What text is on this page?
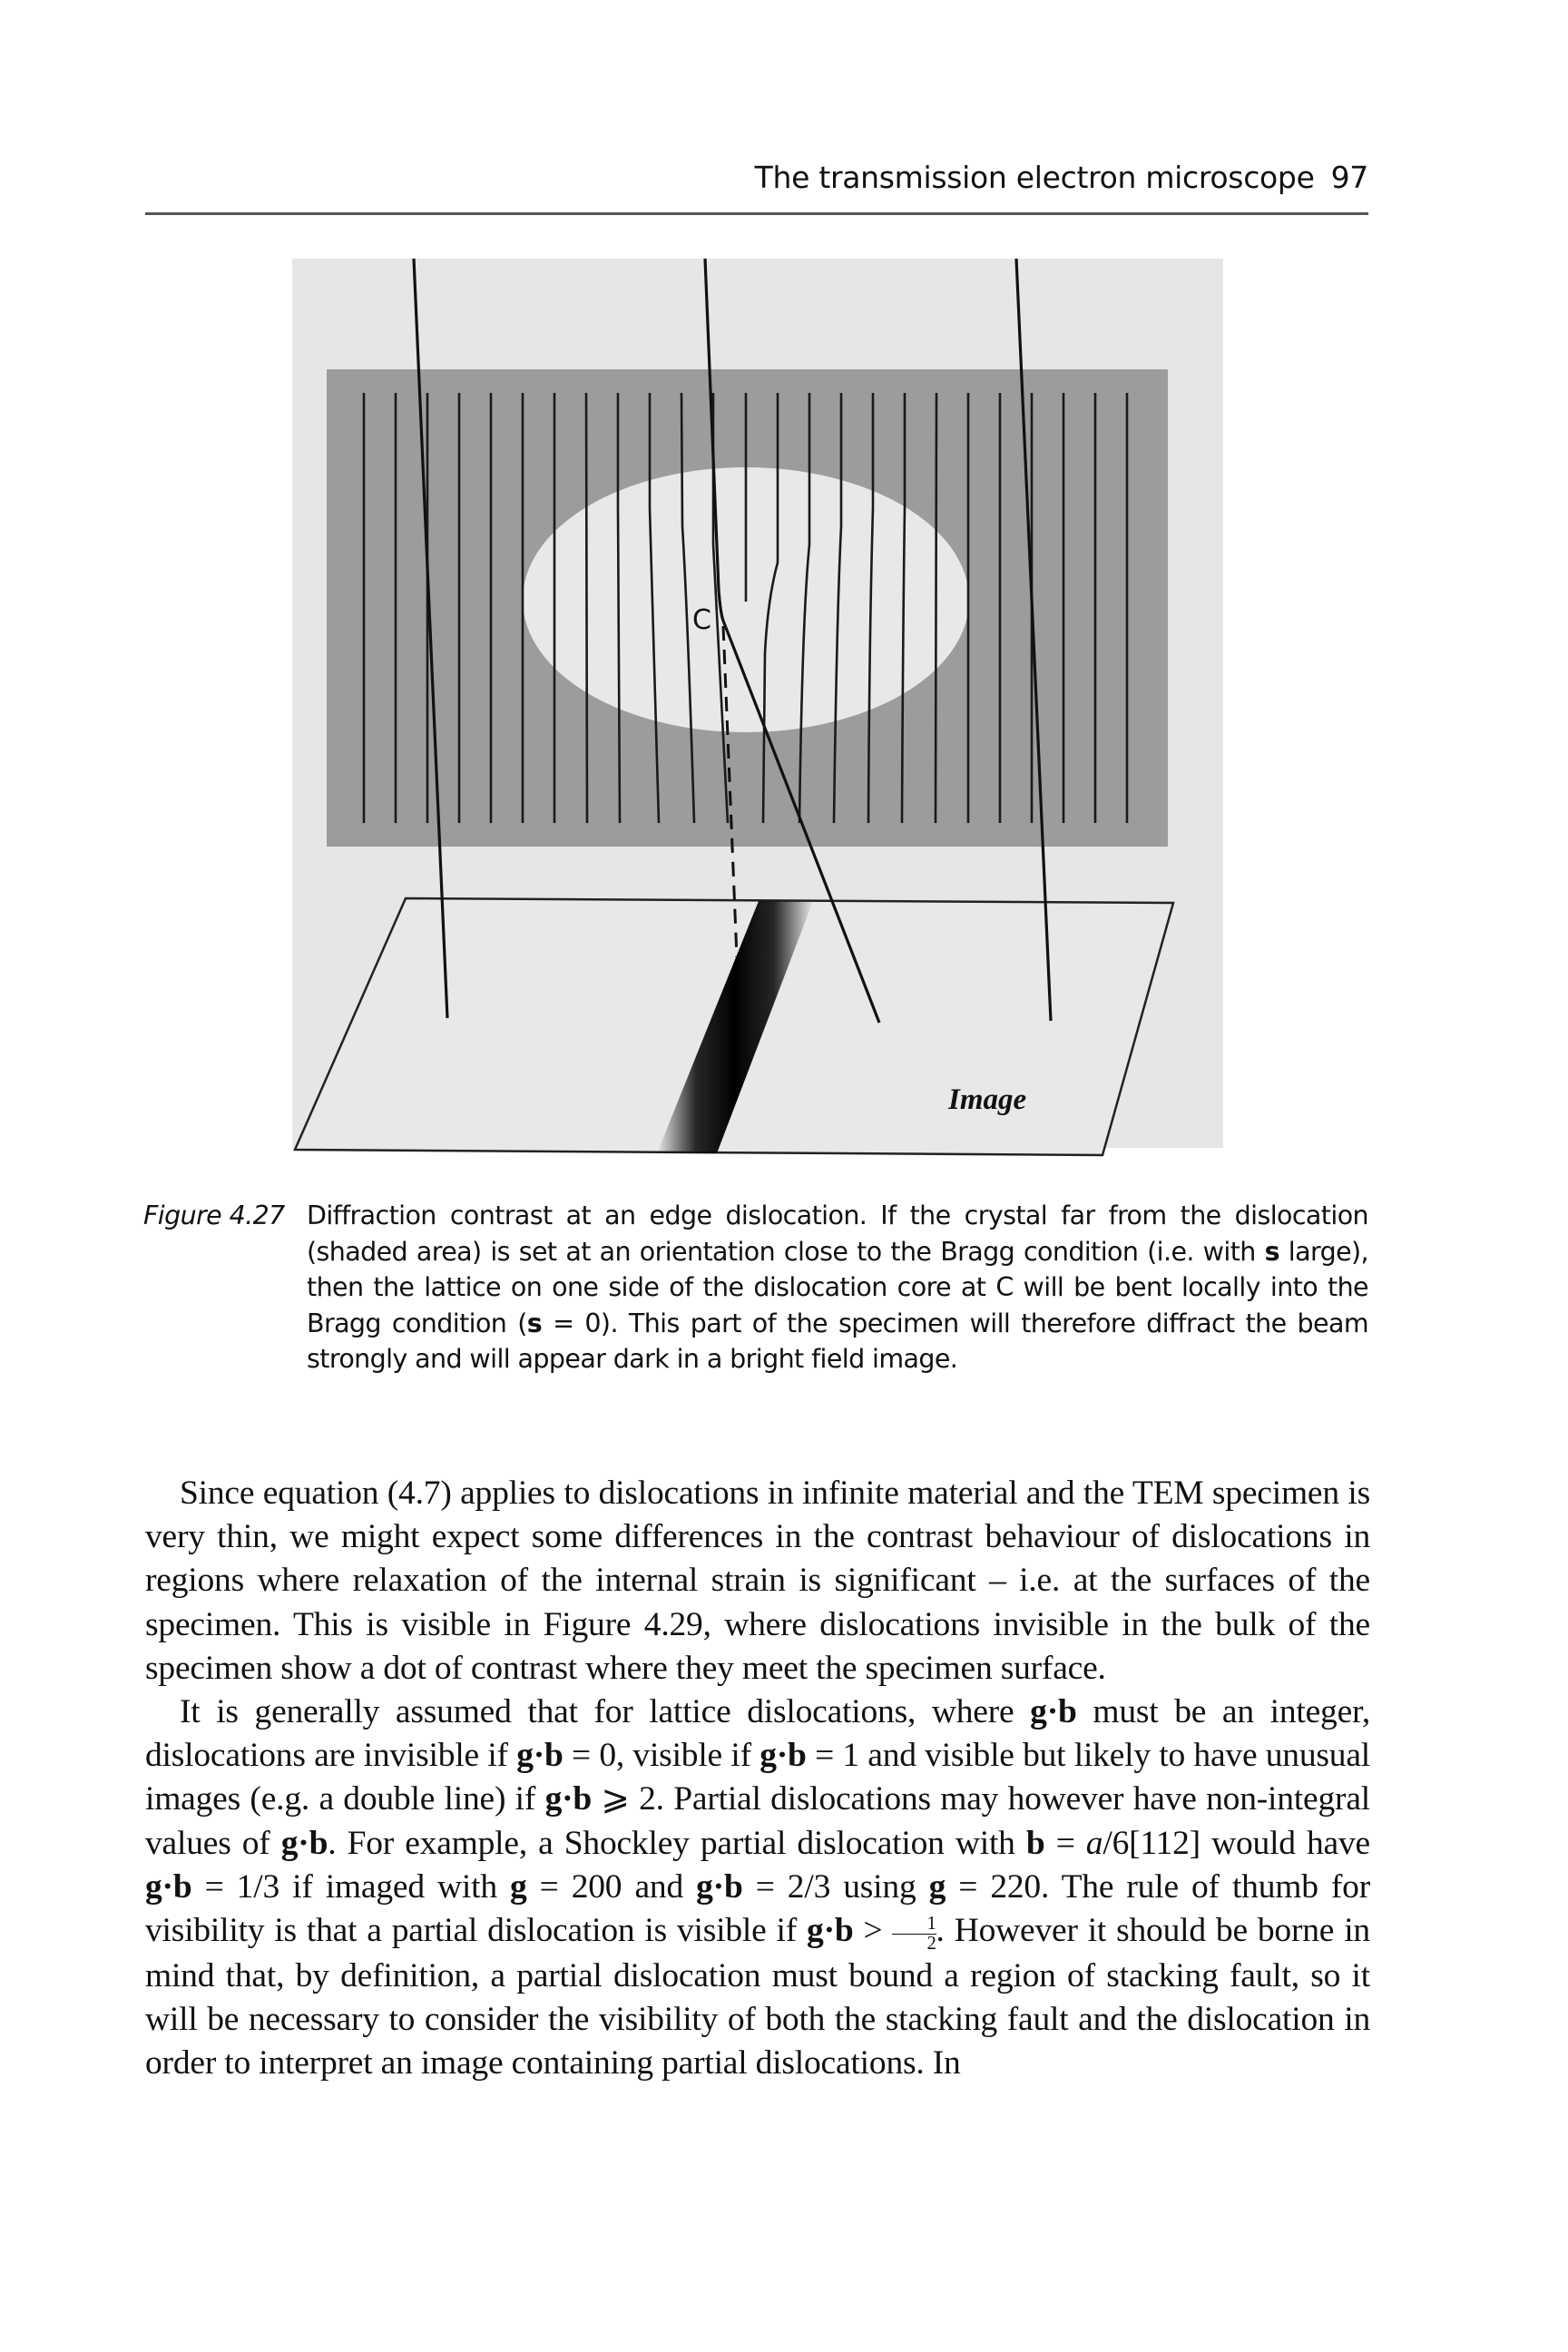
The transmission electron microscope 97
C
Image
Figure 4.27 Diffraction contrast at an edge dislocation. If the crystal far from the dislocation (shaded area) is set at an orientation close to the Bragg condition (i.e. with s large), then the lattice on one side of the dislocation core at C will be bent locally into the Bragg condition (s = 0). This part of the specimen will therefore diffract the beam strongly and will appear dark in a bright field image.

Since equation (4.7) applies to dislocations in infinite material and the TEM specimen is very thin, we might expect some differences in the contrast behaviour of dislocations in regions where relaxation of the internal strain is significant – i.e. at the surfaces of the specimen. This is visible in Figure 4.29, where dislocations invisible in the bulk of the specimen show a dot of contrast where they meet the specimen surface.

It is generally assumed that for lattice dislocations, where g·b must be an integer, dislocations are invisible if g·b = 0, visible if g·b = 1 and visible but likely to have unusual images (e.g. a double line) if g·b ⩾ 2. Partial dislocations may however have non-integral values of g·b. For example, a Shockley partial dislocation with b = a/6[112] would have g·b = 1/3 if imaged with g = 200 and g·b = 2/3 using g = 220. The rule of thumb for visibility is that a partial dislocation is visible if $g\cdot b > \frac{1}{2}$ . However it should be borne in mind that, by definition, a partial dislocation must bound a region of stacking fault, so it will be necessary to consider the visibility of both the stacking fault and the dislocation in order to interpret an image containing partial dislocations. In
